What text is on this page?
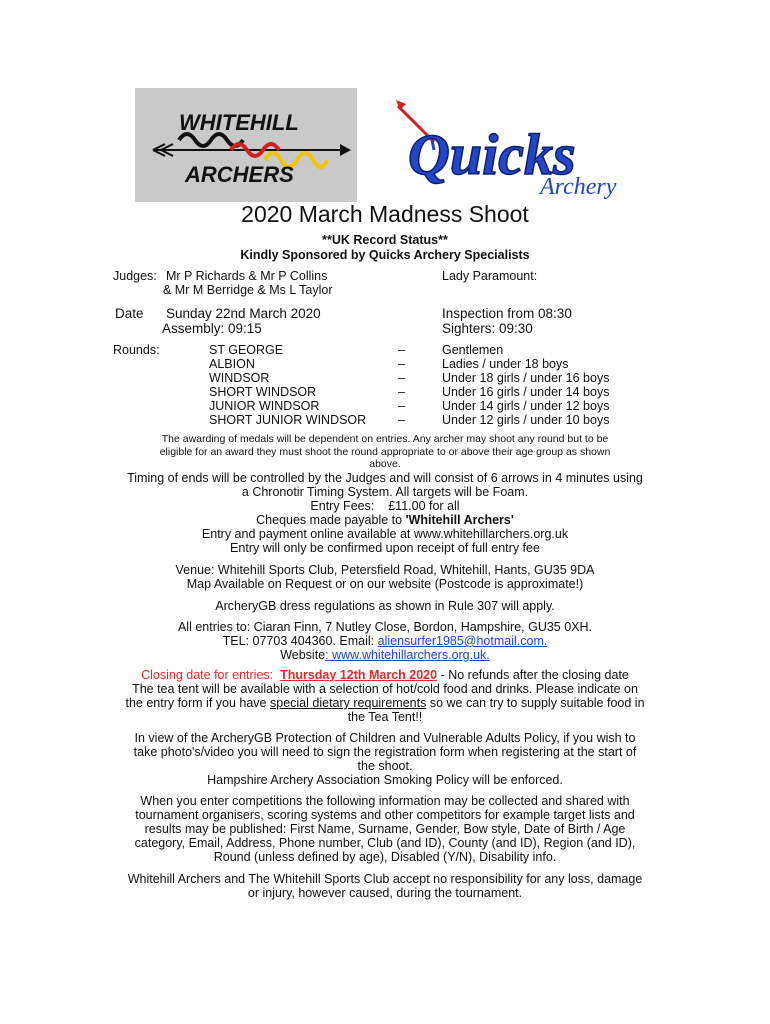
WHITEHILL
ARCHERS Quicks
Archery
2020 March Madness Shoot
**UK Record Status**
Kindly Sponsored by Quicks Archery Specialists
Judges: Mr P Richards & Mr P Collins
& Mr M Berridge & Ms L Taylor
Lady Paramount:
Date Sunday 22nd March 2020
Assembly: 09:15
Inspection from 08:30
Sighters: 09:30
Rounds:	ST GEORGE	–	Gentlemen
ALBION	–	Ladies / under 18 boys
WINDSOR	–	Under 18 girls / under 16 boys
SHORT WINDSOR	–	Under 16 girls / under 14 boys
JUNIOR WINDSOR	–	Under 14 girls / under 12 boys
SHORT JUNIOR WINDSOR	–	Under 12 girls / under 10 boys
The awarding of medals will be dependent on entries. Any archer may shoot any round but to be
eligible for an award they must shoot the round appropriate to or above their age group as shown
above.
Timing of ends will be controlled by the Judges and will consist of 6 arrows in 4 minutes using
a Chronotir Timing System. All targets will be Foam.
Entry Fees: £11.00 for all
Cheques made payable to 'Whitehill Archers'
Entry and payment online available at www.whitehillarchers.org.uk
Entry will only be confirmed upon receipt of full entry fee
Venue: Whitehill Sports Club, Petersfield Road, Whitehill, Hants, GU35 9DA
Map Available on Request or on our website (Postcode is approximate!)
ArcheryGB dress regulations as shown in Rule 307 will apply.
All entries to: Ciaran Finn, 7 Nutley Close, Bordon, Hampshire, GU35 0XH.
TEL: 07703 404360. Email: aliensurfer1985@hotmail.com.
Website: www.whitehillarchers.org.uk.
Closing date for entries: Thursday 12th March 2020 - No refunds after the closing date
The tea tent will be available with a selection of hot/cold food and drinks. Please indicate on
the entry form if you have special dietary requirements so we can try to supply suitable food in
the Tea Tent!!
In view of the ArcheryGB Protection of Children and Vulnerable Adults Policy, if you wish to
take photo's/video you will need to sign the registration form when registering at the start of
the shoot.
Hampshire Archery Association Smoking Policy will be enforced.
When you enter competitions the following information may be collected and shared with
tournament organisers, scoring systems and other competitors for example target lists and
results may be published: First Name, Surname, Gender, Bow style, Date of Birth / Age
category, Email, Address, Phone number, Club (and ID), County (and ID), Region (and ID),
Round (unless defined by age), Disabled (Y/N), Disability info.
Whitehill Archers and The Whitehill Sports Club accept no responsibility for any loss, damage
or injury, however caused, during the tournament.
